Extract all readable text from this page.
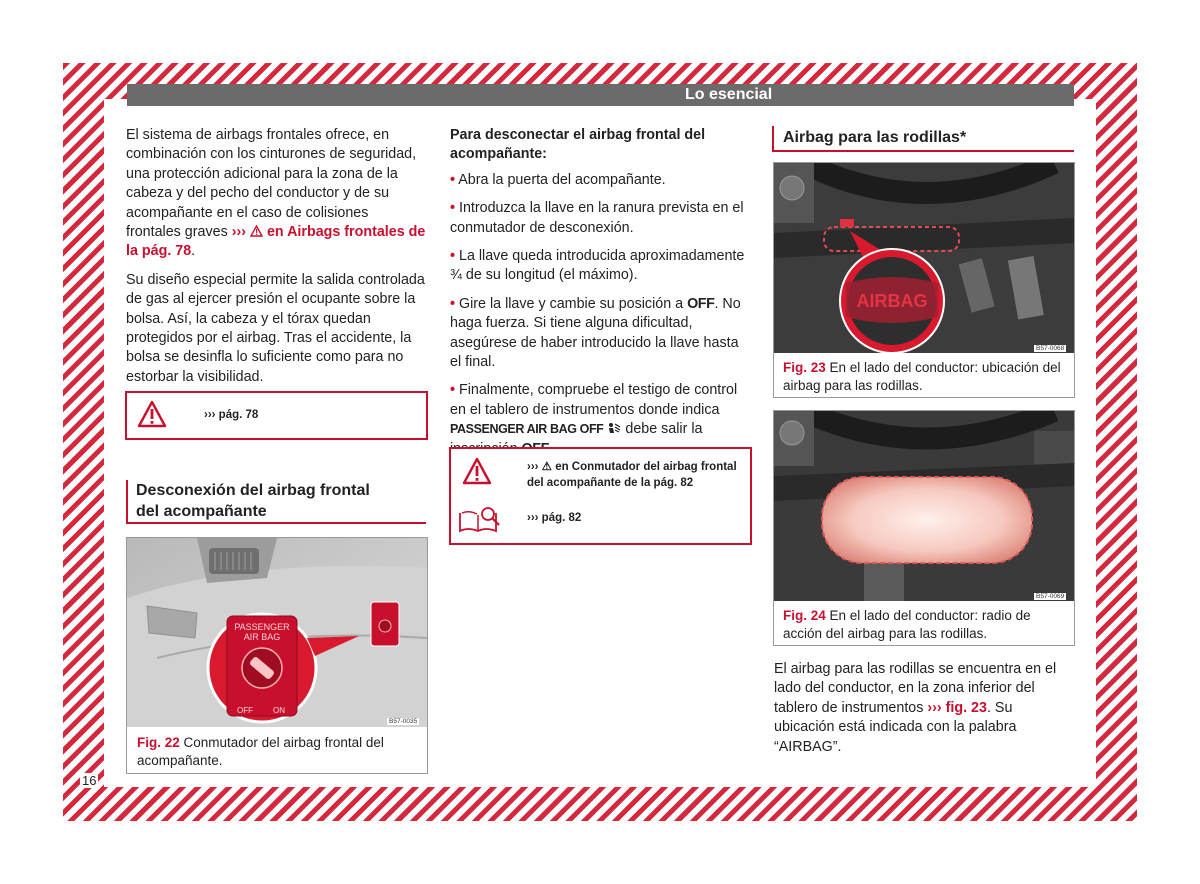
Lo esencial

El sistema de airbags frontales ofrece, en combinación con los cinturones de seguridad, una protección adicional para la zona de la cabeza y del pecho del conductor y de su acompañante en el caso de colisiones frontales graves ››› en Airbags frontales de la pág. 78.

Su diseño especial permite la salida controlada de gas al ejercer presión el ocupante sobre la bolsa. Así, la cabeza y el tórax quedan protegidos por el airbag. Tras el accidente, la bolsa se desinfla lo suficiente como para no estorbar la visibilidad.

››› pág. 78
Desconexión del airbag frontal
del acompañante
PASSENGER
AIR BAG
OFF	ON
B57-0035
Fig. 22 Conmutador del airbag frontal del acompañante.
16

Para desconectar el airbag frontal del acompañante:

• Abra la puerta del acompañante.

• Introduzca la llave en la ranura prevista en el conmutador de desconexión.

• La llave queda introducida aproximadamente ¾ de su longitud (el máximo).

• Gire la llave y cambie su posición a OFF. No haga fuerza. Si tiene alguna dificultad, asegúrese de haber introducido la llave hasta el final.

• Finalmente, compruebe el testigo de control en el tablero de instrumentos donde indica PASSENGER AIR BAG OFF  debe salir la

››› ⚠ en Conmutador del airbag frontal del acompañante de la pág. 82
››› pág. 82
Airbag para las rodillas*
AIRBAG
B57-0068
Fig. 23 En el lado del conductor: ubicación del airbag para las rodillas.
B57-0069
Fig. 24 En el lado del conductor: radio de acción del airbag para las rodillas.

El airbag para las rodillas se encuentra en el lado del conductor, en la zona inferior del tablero de instrumentos ››› fig. 23. Su ubicación está indicada con la palabra “AIRBAG”.
